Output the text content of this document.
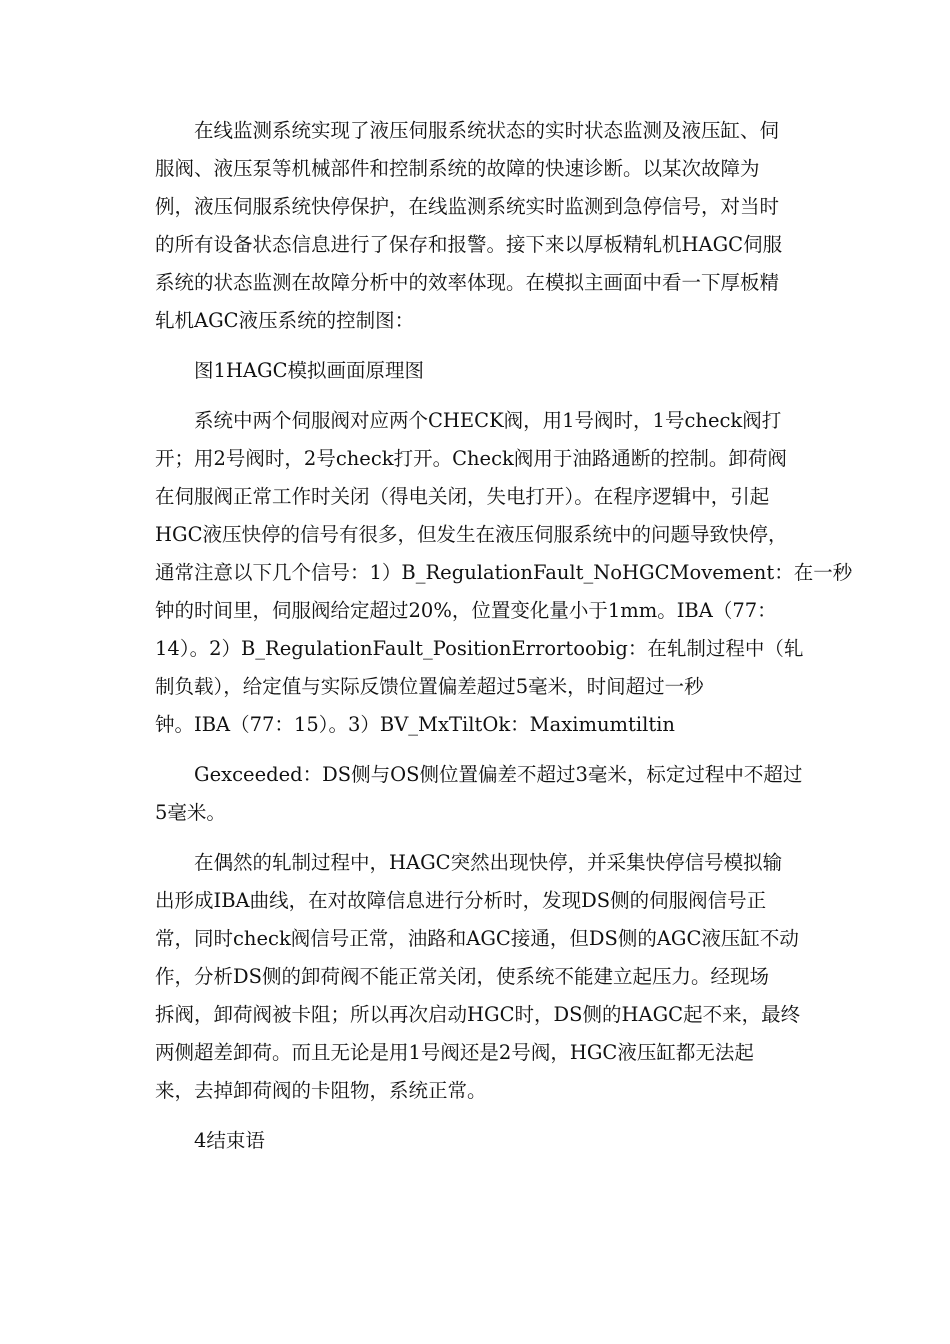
在线监测系统实现了液压伺服系统状态的实时状态监测及液压缸、伺
服阀、液压泵等机械部件和控制系统的故障的快速诊断。以某次故障为
例，液压伺服系统快停保护，在线监测系统实时监测到急停信号，对当时
的所有设备状态信息进行了保存和报警。接下来以厚板精轧机HAGC伺服
系统的状态监测在故障分析中的效率体现。在模拟主画面中看一下厚板精
轧机AGC液压系统的控制图：
图1HAGC模拟画面原理图
系统中两个伺服阀对应两个CHECK阀，用1号阀时，1号check阀打
开；用2号阀时，2号check打开。Check阀用于油路通断的控制。卸荷阀
在伺服阀正常工作时关闭（得电关闭，失电打开）。在程序逻辑中，引起
HGC液压快停的信号有很多，但发生在液压伺服系统中的问题导致快停，
通常注意以下几个信号：1）B_RegulationFault_NoHGCMovement：在一秒
钟的时间里，伺服阀给定超过20%，位置变化量小于1mm。IBA（77：
14）。2）B_RegulationFault_PositionErrortoobig：在轧制过程中（轧
制负载），给定值与实际反馈位置偏差超过5毫米，时间超过一秒
钟。IBA（77：15）。3）BV_MxTiltOk：Maximumtiltin
Gexceeded：DS侧与OS侧位置偏差不超过3毫米，标定过程中不超过
5毫米。
在偶然的轧制过程中，HAGC突然出现快停，并采集快停信号模拟输
出形成IBA曲线，在对故障信息进行分析时，发现DS侧的伺服阀信号正
常，同时check阀信号正常，油路和AGC接通，但DS侧的AGC液压缸不动
作，分析DS侧的卸荷阀不能正常关闭，使系统不能建立起压力。经现场
拆阀，卸荷阀被卡阻；所以再次启动HGC时，DS侧的HAGC起不来，最终
两侧超差卸荷。而且无论是用1号阀还是2号阀，HGC液压缸都无法起
来，去掉卸荷阀的卡阻物，系统正常。
4结束语
